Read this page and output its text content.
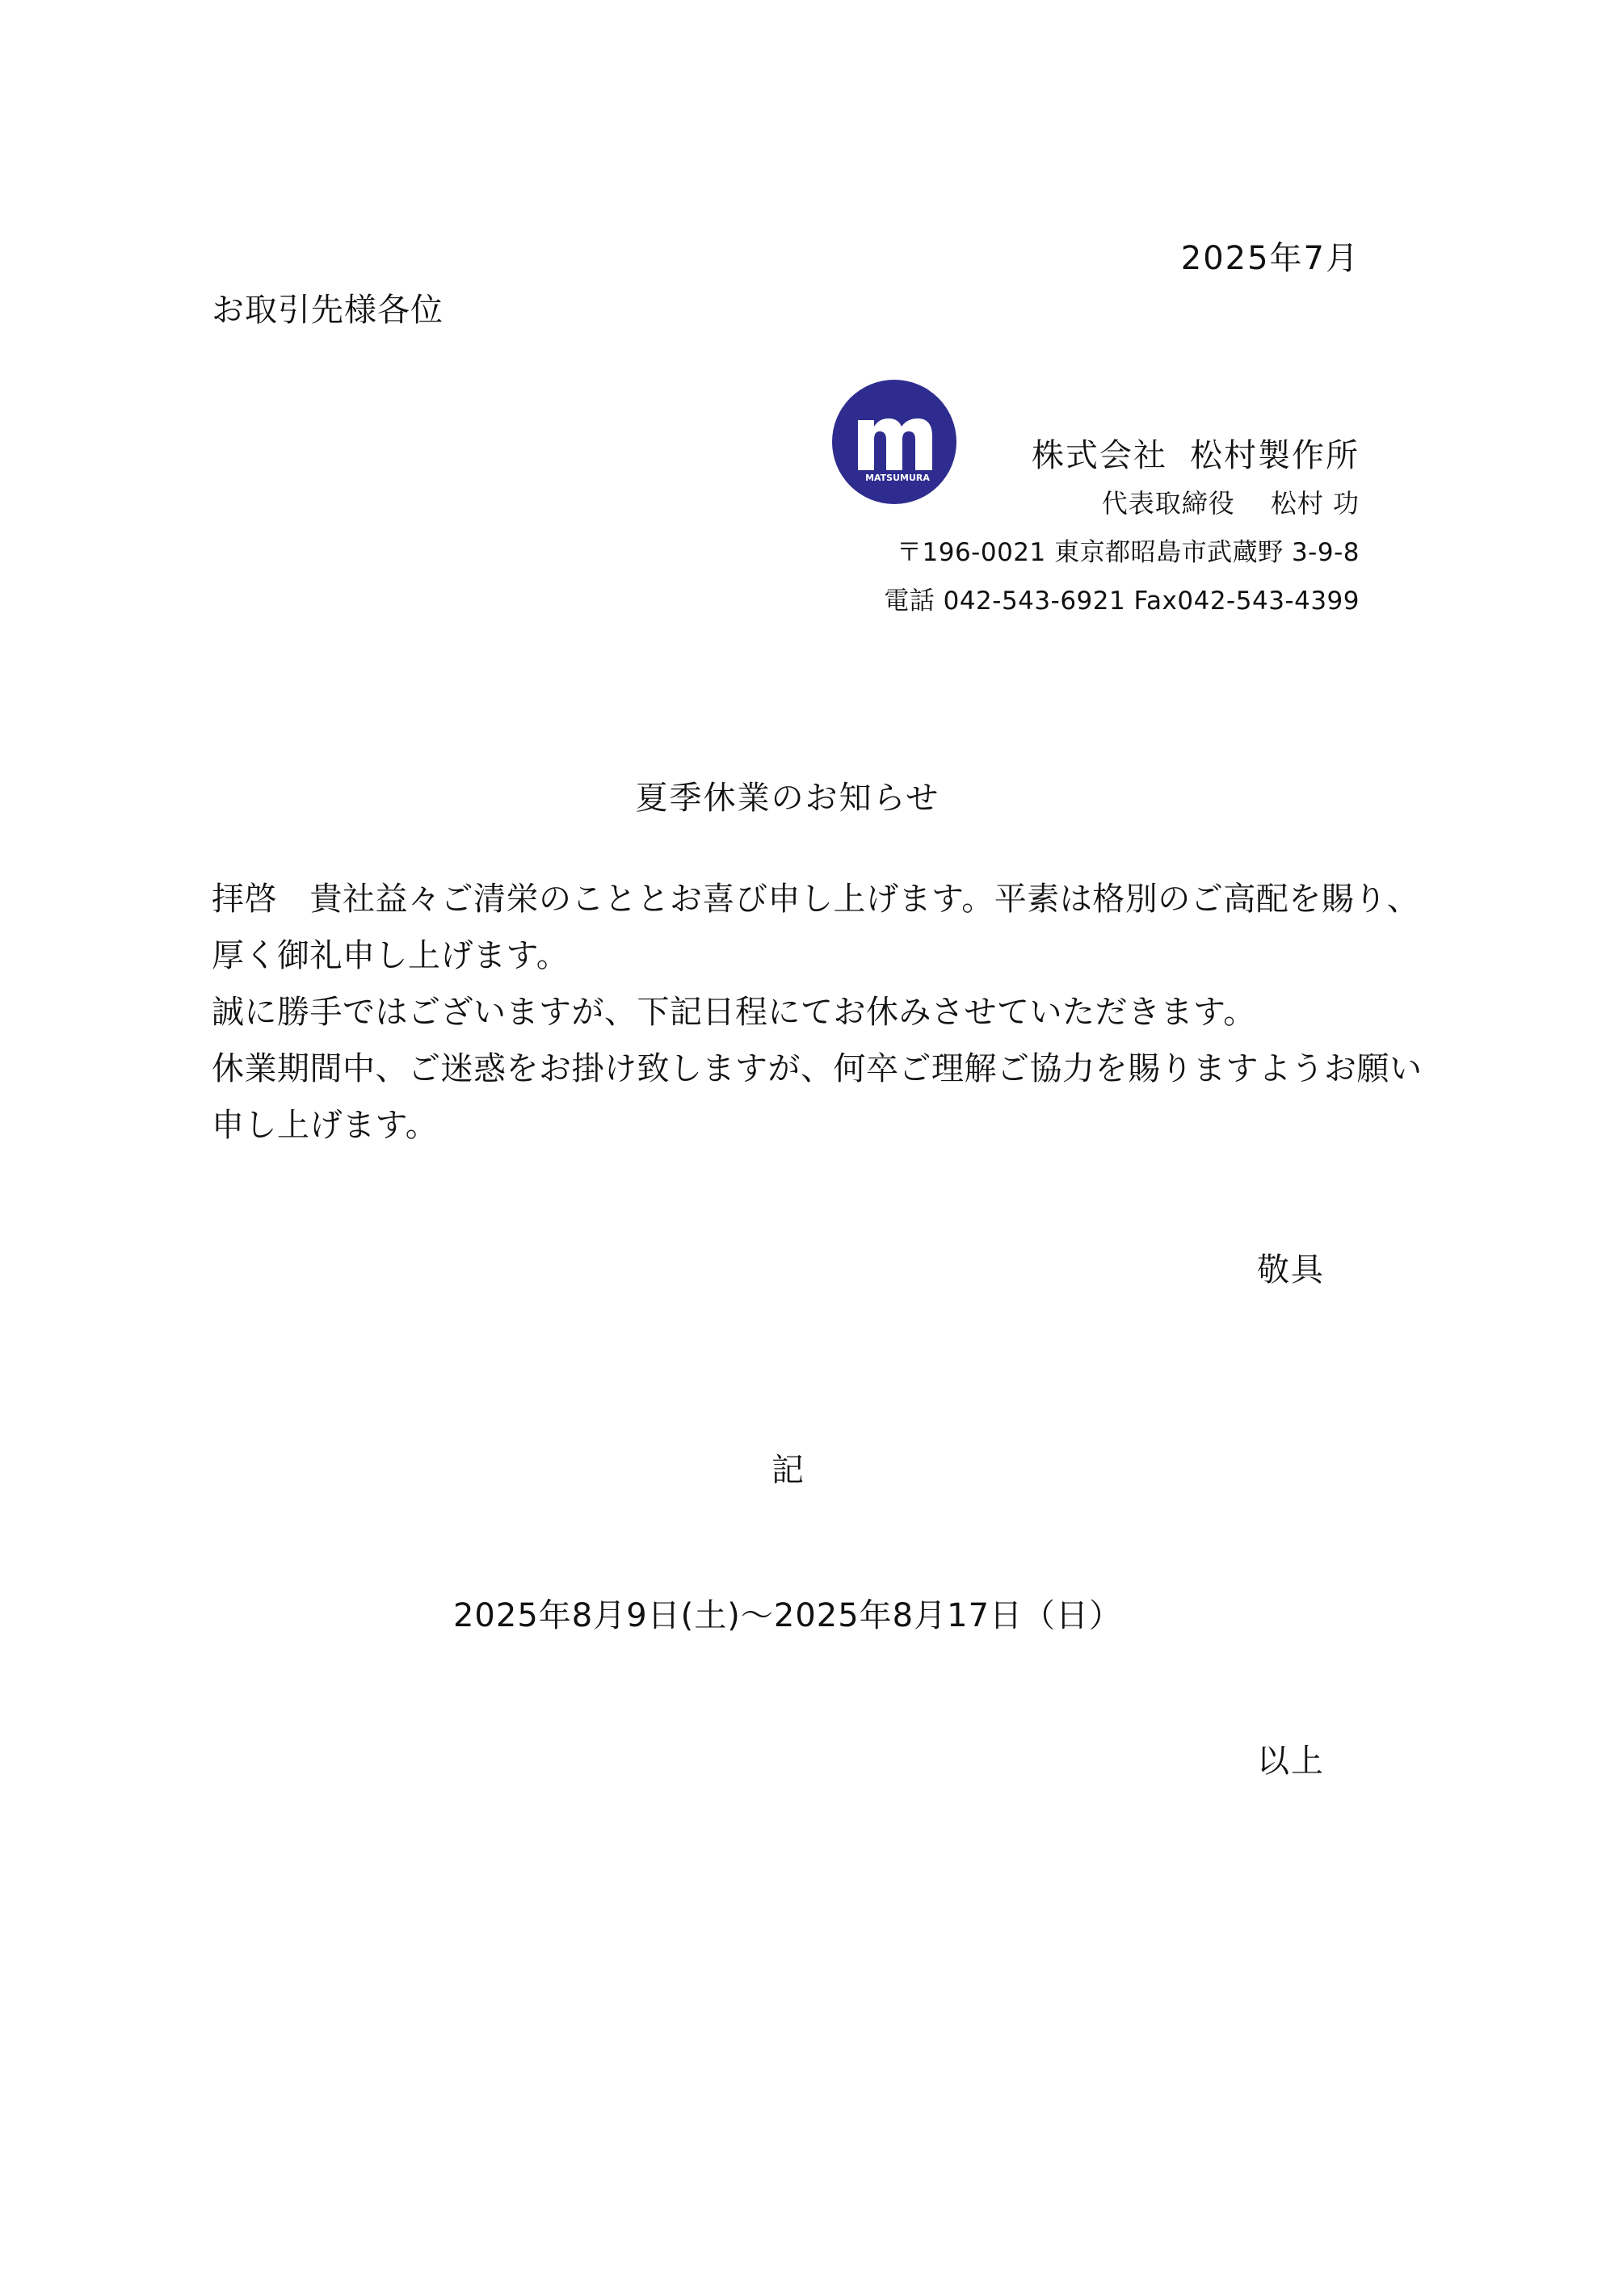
2025年7月
お取引先様各位
MATSUMURA
株式会社 松村製作所
代表取締役 松村 功
〒196-0021 東京都昭島市武蔵野 3-9-8
電話 042-543-6921 Fax042-543-4399
夏季休業のお知らせ

拝啓　貴社益々ご清栄のこととお喜び申し上げます。平素は格別のご高配を賜り、

厚く御礼申し上げます。

誠に勝手ではございますが、下記日程にてお休みさせていただきます。

休業期間中、ご迷惑をお掛け致しますが、何卒ご理解ご協力を賜りますようお願い

申し上げます。

敬具
記
2025年8月9日(土)～2025年8月17日（日）
以上
